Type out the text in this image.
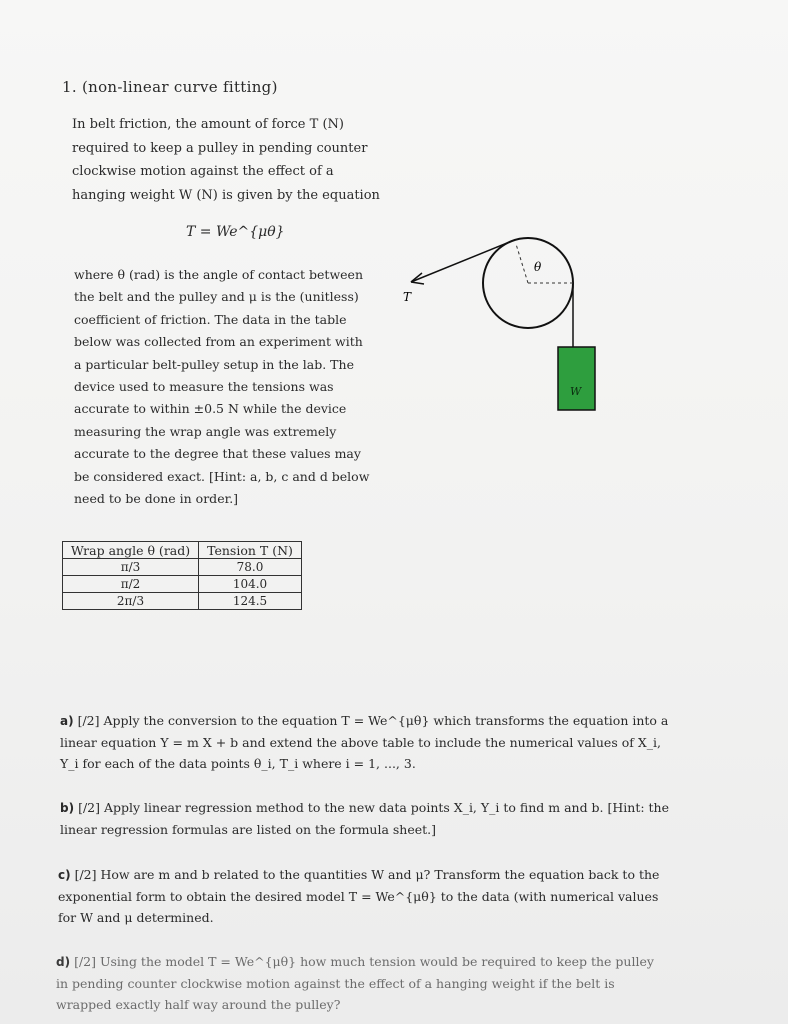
1. (non-linear curve fitting)
In belt friction, the amount of force T (N) required to keep a pulley in pending counter clockwise motion against the effect of a hanging weight W (N) is given by the equation
T = We^{μθ}
where θ (rad) is the angle of contact between the belt and the pulley and μ is the (unitless) coefficient of friction. The data in the table below was collected from an experiment with a particular belt-pulley setup in the lab. The device used to measure the tensions was accurate to within ±0.5 N while the device measuring the wrap angle was extremely accurate to the degree that these values may be considered exact. [Hint: a, b, c and d below need to be done in order.]
θ
T
W
Wrap angle θ (rad)	Tension T (N)
π/3	78.0
π/2	104.0
2π/3	124.5
a) [/2] Apply the conversion to the equation T = We^{μθ} which transforms the equation into a linear equation Y = m X + b and extend the above table to include the numerical values of X_i, Y_i for each of the data points θ_i, T_i where i = 1, ..., 3.
b) [/2] Apply linear regression method to the new data points X_i, Y_i to find m and b. [Hint: the linear regression formulas are listed on the formula sheet.]
c) [/2] How are m and b related to the quantities W and μ? Transform the equation back to the exponential form to obtain the desired model T = We^{μθ} to the data (with numerical values for W and μ determined.
d) [/2] Using the model T = We^{μθ} how much tension would be required to keep the pulley in pending counter clockwise motion against the effect of a hanging weight if the belt is wrapped exactly half way around the pulley?
